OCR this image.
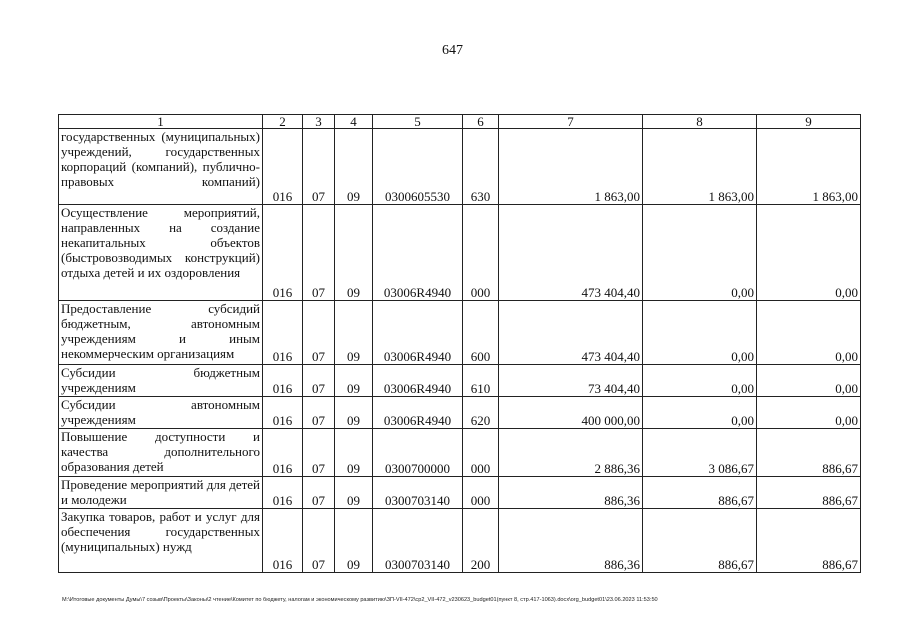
647
1	2	3	4	5	6	7	8	9
государственных (муниципальных) учреждений, государственных корпораций (компаний), публично-правовых компаний)	016	07	09	0300605530	630	1 863,00	1 863,00	1 863,00
Осуществление мероприятий, направленных на создание некапитальных объектов (быстровозводимых конструкций) отдыха детей и их оздоровления	016	07	09	03006R4940	000	473 404,40	0,00	0,00
Предоставление субсидий бюджетным, автономным учреждениям и иным некоммерческим организациям	016	07	09	03006R4940	600	473 404,40	0,00	0,00
Субсидии бюджетным учреждениям	016	07	09	03006R4940	610	73 404,40	0,00	0,00
Субсидии автономным учреждениям	016	07	09	03006R4940	620	400 000,00	0,00	0,00
Повышение доступности и качества дополнительного образования детей	016	07	09	0300700000	000	2 886,36	3 086,67	886,67
Проведение мероприятий для детей и молодежи	016	07	09	0300703140	000	886,36	886,67	886,67
Закупка товаров, работ и услуг для обеспечения государственных (муниципальных) нужд	016	07	09	0300703140	200	886,36	886,67	886,67
M:\Итоговые документы Думы\7 созыв\Проекты\Законы\2 чтение\Комитет по бюджету, налогам и экономическому развитию\ЗП-VII-472\сp2_VII-472_v230623_budget01(пункт 8, стр.417-1063).docx\org_budget01\23.06.2023 11:53:50
